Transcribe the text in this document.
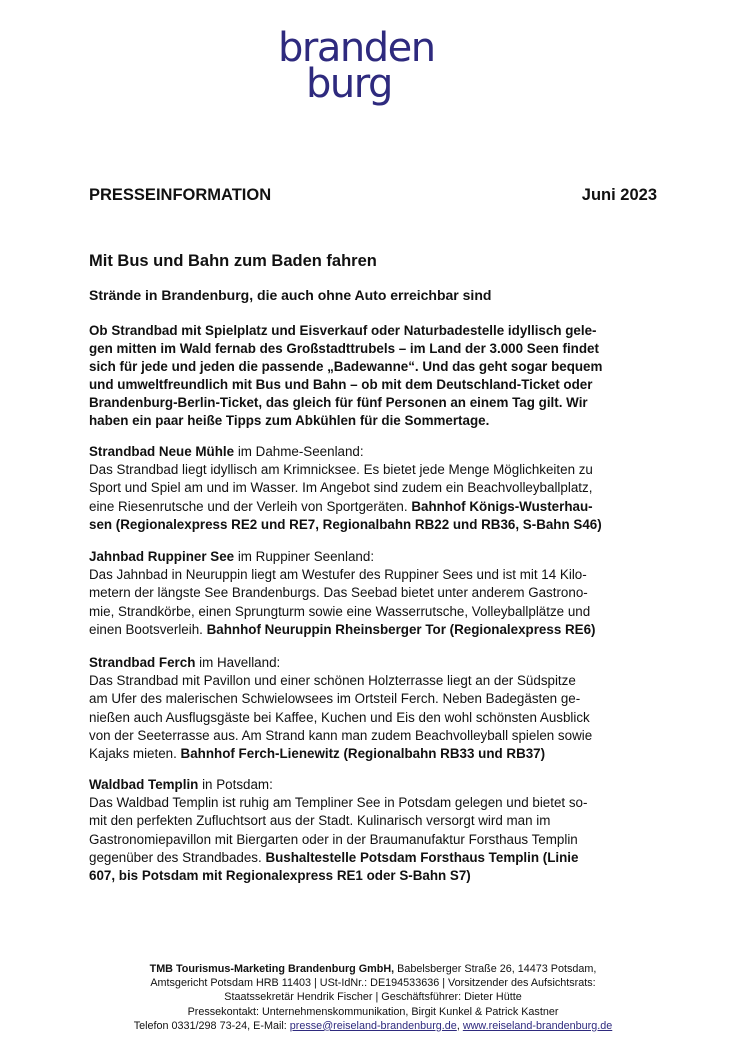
branden
burg
PRESSEINFORMATION	Juni 2023
Mit Bus und Bahn zum Baden fahren
Strände in Brandenburg, die auch ohne Auto erreichbar sind
Ob Strandbad mit Spielplatz und Eisverkauf oder Naturbadestelle idyllisch gele-
gen mitten im Wald fernab des Großstadttrubels – im Land der 3.000 Seen findet
sich für jede und jeden die passende „Badewanne“. Und das geht sogar bequem
und umweltfreundlich mit Bus und Bahn – ob mit dem Deutschland-Ticket oder
Brandenburg-Berlin-Ticket, das gleich für fünf Personen an einem Tag gilt. Wir
haben ein paar heiße Tipps zum Abkühlen für die Sommertage.
Strandbad Neue Mühle im Dahme-Seenland:
Das Strandbad liegt idyllisch am Krimnicksee. Es bietet jede Menge Möglichkeiten zu
Sport und Spiel am und im Wasser. Im Angebot sind zudem ein Beachvolleyballplatz,
eine Riesenrutsche und der Verleih von Sportgeräten. Bahnhof Königs-Wusterhau-
sen (Regionalexpress RE2 und RE7, Regionalbahn RB22 und RB36, S-Bahn S46)
Jahnbad Ruppiner See im Ruppiner Seenland:
Das Jahnbad in Neuruppin liegt am Westufer des Ruppiner Sees und ist mit 14 Kilo-
metern der längste See Brandenburgs. Das Seebad bietet unter anderem Gastrono-
mie, Strandkörbe, einen Sprungturm sowie eine Wasserrutsche, Volleyballplätze und
einen Bootsverleih. Bahnhof Neuruppin Rheinsberger Tor (Regionalexpress RE6)
Strandbad Ferch im Havelland:
Das Strandbad mit Pavillon und einer schönen Holzterrasse liegt an der Südspitze
am Ufer des malerischen Schwielowsees im Ortsteil Ferch. Neben Badegästen ge-
nießen auch Ausflugsgäste bei Kaffee, Kuchen und Eis den wohl schönsten Ausblick
von der Seeterrasse aus. Am Strand kann man zudem Beachvolleyball spielen sowie
Kajaks mieten. Bahnhof Ferch-Lienewitz (Regionalbahn RB33 und RB37)
Waldbad Templin in Potsdam:
Das Waldbad Templin ist ruhig am Templiner See in Potsdam gelegen und bietet so-
mit den perfekten Zufluchtsort aus der Stadt. Kulinarisch versorgt wird man im
Gastronomiepavillon mit Biergarten oder in der Braumanufaktur Forsthaus Templin
gegenüber des Strandbades. Bushaltestelle Potsdam Forsthaus Templin (Linie
607, bis Potsdam mit Regionalexpress RE1 oder S-Bahn S7)
TMB Tourismus-Marketing Brandenburg GmbH, Babelsberger Straße 26, 14473 Potsdam,
Amtsgericht Potsdam HRB 11403 | USt-IdNr.: DE194533636 | Vorsitzender des Aufsichtsrats:
Staatssekretär Hendrik Fischer | Geschäftsführer: Dieter Hütte
Pressekontakt: Unternehmenskommunikation, Birgit Kunkel & Patrick Kastner
Telefon 0331/298 73-24, E-Mail: presse@reiseland-brandenburg.de, www.reiseland-brandenburg.de
